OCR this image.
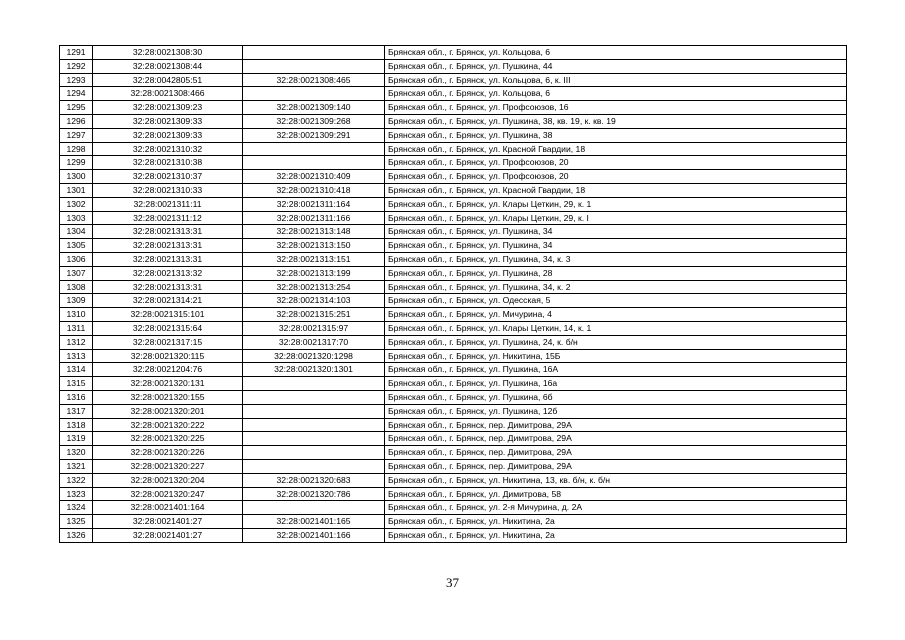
1291	32:28:0021308:30		Брянская обл., г. Брянск, ул. Кольцова, 6
1292	32:28:0021308:44		Брянская обл., г. Брянск, ул. Пушкина, 44
1293	32:28:0042805:51	32:28:0021308:465	Брянская обл., г. Брянск, ул. Кольцова, 6, к. III
1294	32:28:0021308:466		Брянская обл., г. Брянск, ул. Кольцова, 6
1295	32:28:0021309:23	32:28:0021309:140	Брянская обл., г. Брянск, ул. Профсоюзов, 16
1296	32:28:0021309:33	32:28:0021309:268	Брянская обл., г. Брянск, ул. Пушкина, 38, кв. 19, к. кв. 19
1297	32:28:0021309:33	32:28:0021309:291	Брянская обл., г. Брянск, ул. Пушкина, 38
1298	32:28:0021310:32		Брянская обл., г. Брянск, ул. Красной Гвардии, 18
1299	32:28:0021310:38		Брянская обл., г. Брянск, ул. Профсоюзов, 20
1300	32:28:0021310:37	32:28:0021310:409	Брянская обл., г. Брянск, ул. Профсоюзов, 20
1301	32:28:0021310:33	32:28:0021310:418	Брянская обл., г. Брянск, ул. Красной Гвардии, 18
1302	32:28:0021311:11	32:28:0021311:164	Брянская обл., г. Брянск, ул. Клары Цеткин, 29, к. 1
1303	32:28:0021311:12	32:28:0021311:166	Брянская обл., г. Брянск, ул. Клары Цеткин, 29, к. I
1304	32:28:0021313:31	32:28:0021313:148	Брянская обл., г. Брянск, ул. Пушкина, 34
1305	32:28:0021313:31	32:28:0021313:150	Брянская обл., г. Брянск, ул. Пушкина, 34
1306	32:28:0021313:31	32:28:0021313:151	Брянская обл., г. Брянск, ул. Пушкина, 34, к. 3
1307	32:28:0021313:32	32:28:0021313:199	Брянская обл., г. Брянск, ул. Пушкина, 28
1308	32:28:0021313:31	32:28:0021313:254	Брянская обл., г. Брянск, ул. Пушкина, 34, к. 2
1309	32:28:0021314:21	32:28:0021314:103	Брянская обл., г. Брянск, ул. Одесская, 5
1310	32:28:0021315:101	32:28:0021315:251	Брянская обл., г. Брянск, ул. Мичурина, 4
1311	32:28:0021315:64	32:28:0021315:97	Брянская обл., г. Брянск, ул. Клары Цеткин, 14, к. 1
1312	32:28:0021317:15	32:28:0021317:70	Брянская обл., г. Брянск, ул. Пушкина, 24, к. б/н
1313	32:28:0021320:115	32:28:0021320:1298	Брянская обл., г. Брянск, ул. Никитина, 15Б
1314	32:28:0021204:76	32:28:0021320:1301	Брянская обл., г. Брянск, ул. Пушкина, 16А
1315	32:28:0021320:131		Брянская обл., г. Брянск, ул. Пушкина, 16а
1316	32:28:0021320:155		Брянская обл., г. Брянск, ул. Пушкина, 6б
1317	32:28:0021320:201		Брянская обл., г. Брянск, ул. Пушкина, 12б
1318	32:28:0021320:222		Брянская обл., г. Брянск, пер. Димитрова, 29А
1319	32:28:0021320:225		Брянская обл., г. Брянск, пер. Димитрова, 29А
1320	32:28:0021320:226		Брянская обл., г. Брянск, пер. Димитрова, 29А
1321	32:28:0021320:227		Брянская обл., г. Брянск, пер. Димитрова, 29А
1322	32:28:0021320:204	32:28:0021320:683	Брянская обл., г. Брянск, ул. Никитина, 13, кв. б/н, к. б/н
1323	32:28:0021320:247	32:28:0021320:786	Брянская обл., г. Брянск, ул. Димитрова, 58
1324	32:28:0021401:164		Брянская обл., г. Брянск, ул. 2-я Мичурина, д. 2А
1325	32:28:0021401:27	32:28:0021401:165	Брянская обл., г. Брянск, ул. Никитина, 2а
1326	32:28:0021401:27	32:28:0021401:166	Брянская обл., г. Брянск, ул. Никитина, 2а
37
